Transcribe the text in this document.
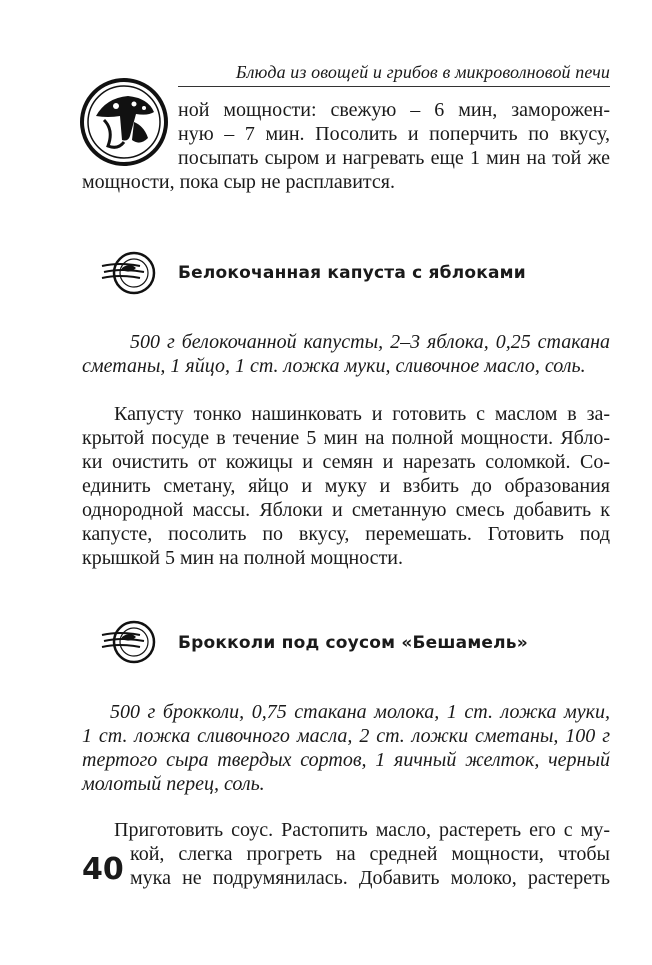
Блюда из овощей и грибов в микроволновой печи
ной мощности: свежую – 6 мин, заморожен-
ную – 7 мин. Посолить и поперчить по вкусу,
посыпать сыром и нагревать еще 1 мин на той же
мощности, пока сыр не расплавится.
Белокочанная капуста с яблоками
500 г белокочанной капусты, 2–3 яблока, 0,25 стакана
сметаны, 1 яйцо, 1 ст. ложка муки, сливочное масло, соль.
Капусту тонко нашинковать и готовить с маслом в за-
крытой посуде в течение 5 мин на полной мощности. Ябло-
ки очистить от кожицы и семян и нарезать соломкой. Со-
единить сметану, яйцо и муку и взбить до образования
однородной массы. Яблоки и сметанную смесь добавить к
капусте, посолить по вкусу, перемешать. Готовить под
крышкой 5 мин на полной мощности.
Брокколи под соусом «Бешамель»
500 г брокколи, 0,75 стакана молока, 1 ст. ложка муки,
1 ст. ложка сливочного масла, 2 ст. ложки сметаны, 100 г
тертого сыра твердых сортов, 1 яичный желток, черный
молотый перец, соль.
Приготовить соус. Растопить масло, растереть его с му-
кой, слегка прогреть на средней мощности, чтобы
мука не подрумянилась. Добавить молоко, растереть
40
